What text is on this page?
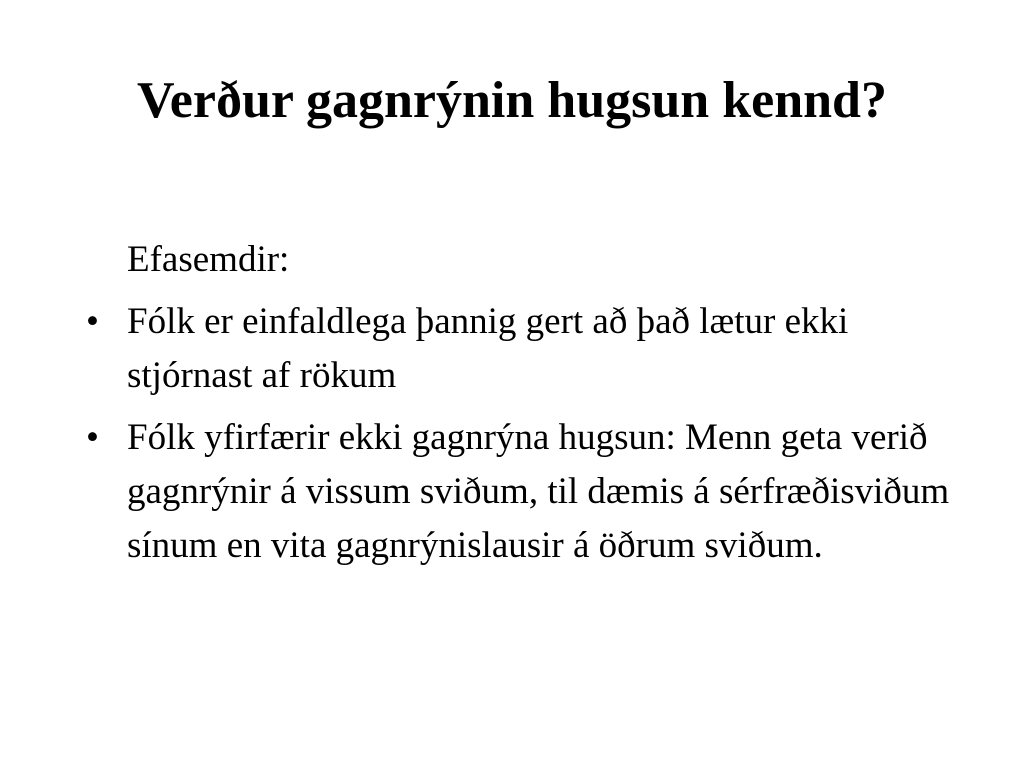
Verður gagnrýnin hugsun kennd?
Efasemdir:
• Fólk er einfaldlega þannig gert að það lætur ekki stjórnast af rökum
• Fólk yfirfærir ekki gagnrýna hugsun: Menn geta verið gagnrýnir á vissum sviðum, til dæmis á sérfræðisviðum sínum en vita gagnrýnislausir á öðrum sviðum.
